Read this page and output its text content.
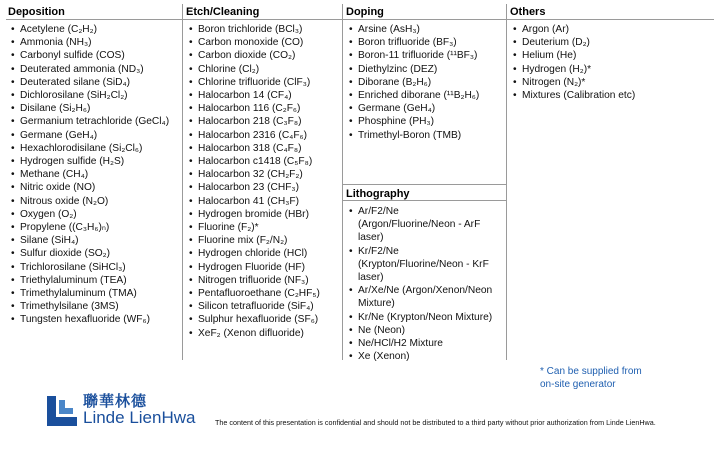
Deposition
• Acetylene (C₂H₂)
• Ammonia (NH₃)
• Carbonyl sulfide (COS)
• Deuterated ammonia (ND₃)
• Deuterated silane (SiD₄)
• Dichlorosilane (SiH₂Cl₂)
• Disilane (Si₂H₆)
• Germanium tetrachloride (GeCl₄)
• Germane (GeH₄)
• Hexachlorodisilane (Si₂Cl₆)
• Hydrogen sulfide (H₂S)
• Methane (CH₄)
• Nitric oxide (NO)
• Nitrous oxide (N₂O)
• Oxygen (O₂)
• Propylene ((C₃H₆)ₙ)
• Silane (SiH₄)
• Sulfur dioxide (SO₂)
• Trichlorosilane (SiHCl₃)
• Triethylaluminum (TEA)
• Trimethylaluminum (TMA)
• Trimethylsilane (3MS)
• Tungsten hexafluoride (WF₆)
Etch/Cleaning
• Boron trichloride (BCl₃)
• Carbon monoxide (CO)
• Carbon dioxide (CO₂)
• Chlorine (Cl₂)
• Chlorine trifluoride (ClF₃)
• Halocarbon 14 (CF₄)
• Halocarbon 116 (C₂F₆)
• Halocarbon 218 (C₃F₈)
• Halocarbon 2316 (C₄F₆)
• Halocarbon 318 (C₄F₈)
• Halocarbon c1418 (C₅F₈)
• Halocarbon 32 (CH₂F₂)
• Halocarbon 23 (CHF₃)
• Halocarbon 41 (CH₃F)
• Hydrogen bromide (HBr)
• Fluorine (F₂)*
• Fluorine mix (F₂/N₂)
• Hydrogen chloride (HCl)
• Hydrogen Fluoride (HF)
• Nitrogen trifluoride (NF₃)
• Pentafluoroethane (C₂HF₅)
• Silicon tetrafluoride (SiF₄)
• Sulphur hexafluoride (SF₆)
• XeF₂ (Xenon difluoride)
Doping
• Arsine (AsH₃)
• Boron trifluoride (BF₃)
• Boron-11 trifluoride (¹¹BF₃)
• Diethylzinc (DEZ)
• Diborane (B₂H₆)
• Enriched diborane (¹¹B₂H₆)
• Germane (GeH₄)
• Phosphine (PH₃)
• Trimethyl-Boron (TMB)
Lithography
• Ar/F2/Ne (Argon/Fluorine/Neon - ArF laser)
• Kr/F2/Ne (Krypton/Fluorine/Neon - KrF laser)
• Ar/Xe/Ne (Argon/Xenon/Neon Mixture)
• Kr/Ne (Krypton/Neon Mixture)
• Ne (Neon)
• Ne/HCl/H2 Mixture
• Xe (Xenon)
Others
• Argon (Ar)
• Deuterium (D₂)
• Helium (He)
• Hydrogen (H₂)*
• Nitrogen (N₂)*
• Mixtures (Calibration etc)
* Can be supplied from
on-site generator
聯華林德
Linde LienHwa	The content of this presentation is confidential and should not be distributed to a third party without prior authorization from Linde LienHwa.
